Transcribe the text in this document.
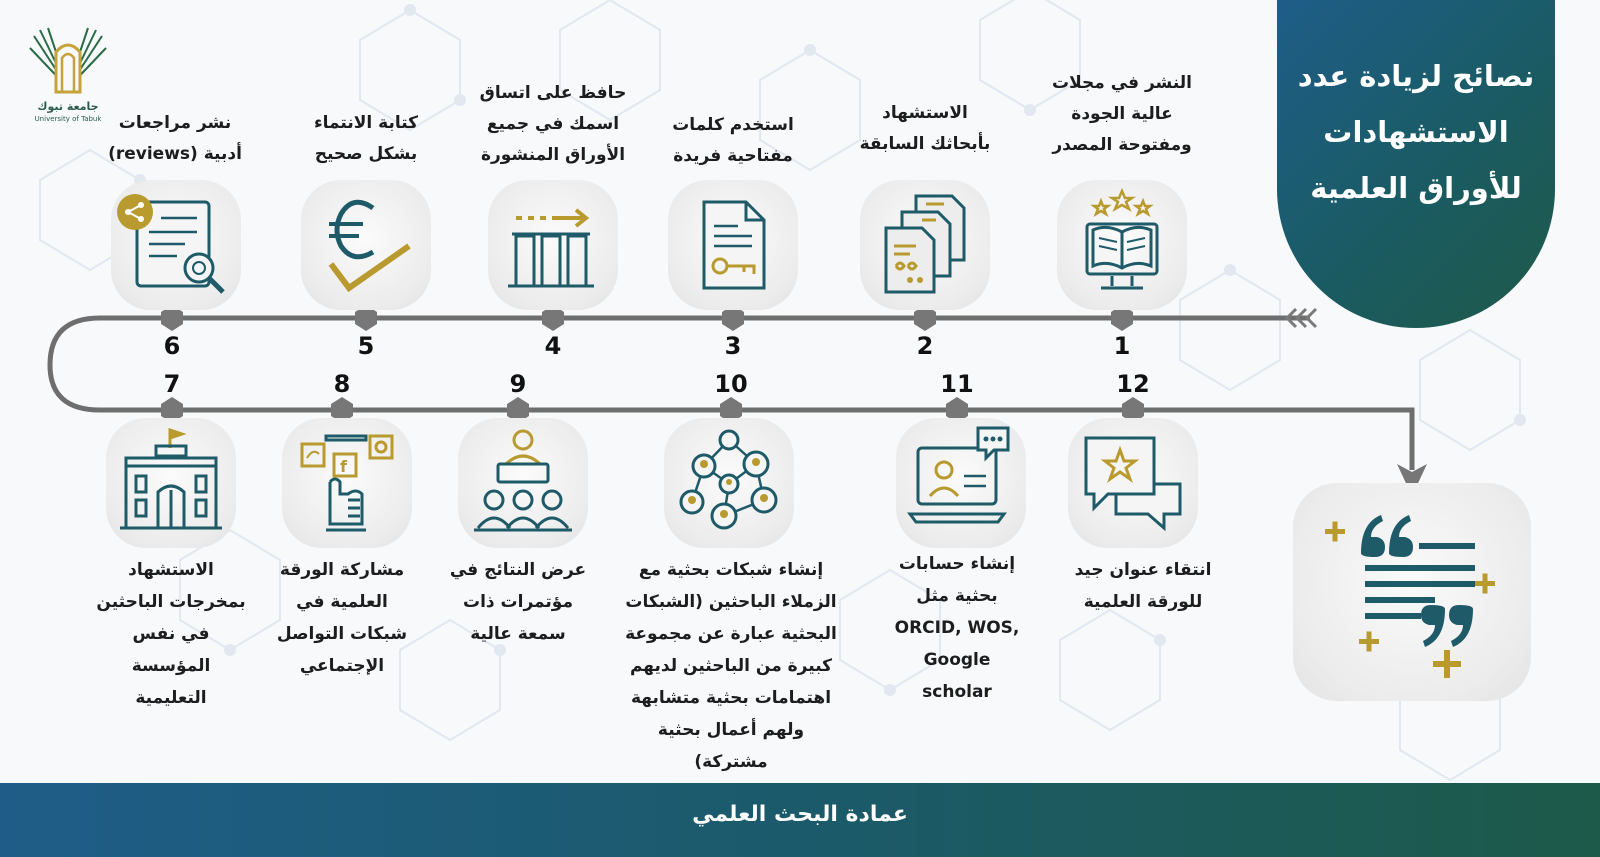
جامعة تبوك
University of Tabuk
نصائح لزيادة عدد الاستشهادات للأوراق العلمية
1
2
3
4
5
6
7	8	9	10	11	12
النشر في مجلات عالية الجودة ومفتوحة المصدر
الاستشهاد بأبحاثك السابقة
استخدم كلمات مفتاحية فريدة
حافظ على اتساق اسمك في جميع الأوراق المنشورة
كتابة الانتماء بشكل صحيح
نشر مراجعات أدبية (reviews)
الاستشهاد بمخرجات الباحثين في نفس المؤسسة التعليمية
مشاركة الورقة العلمية في شبكات التواصل الإجتماعي
عرض النتائج في مؤتمرات ذات سمعة عالية
إنشاء شبكات بحثية مع الزملاء الباحثين (الشبكات البحثية عبارة عن مجموعة كبيرة من الباحثين لديهم اهتمامات بحثية متشابهة ولهم أعمال بحثية مشتركة)
إنشاء حسابات بحثية مثل ORCID, WOS, Google scholar
انتقاء عنوان جيد للورقة العلمية
f
عمادة البحث العلمي
